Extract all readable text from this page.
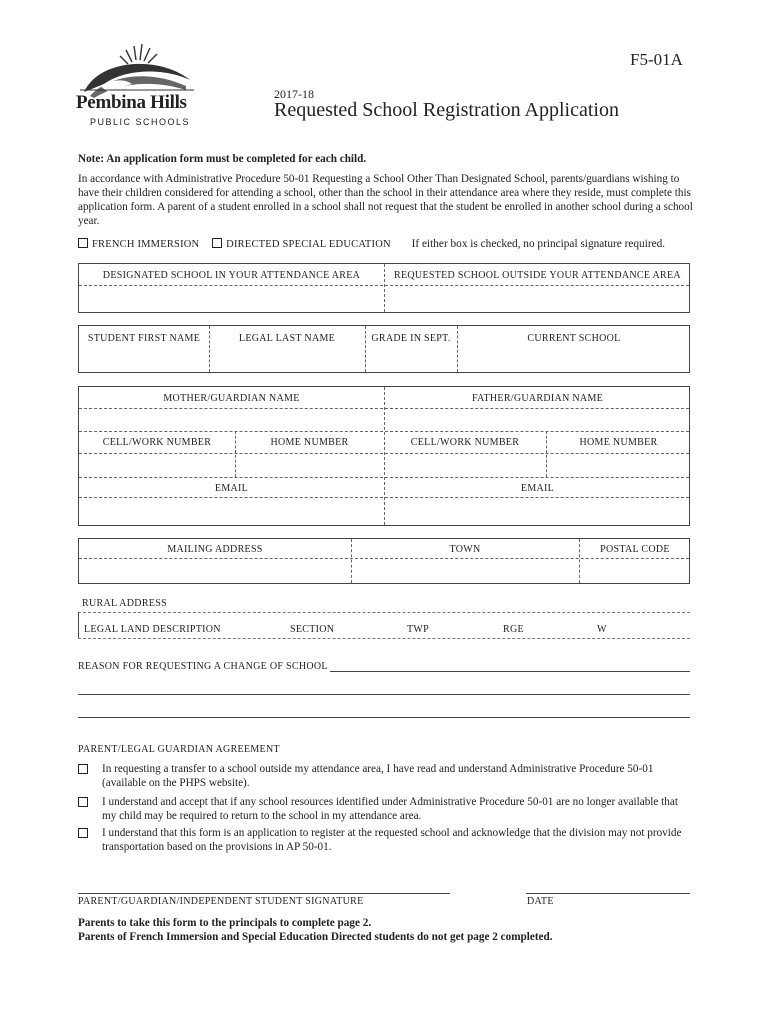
F5-01A
Pembina Hills
PUBLIC SCHOOLS
2017-18
Requested School Registration Application
Note: An application form must be completed for each child.
In accordance with Administrative Procedure 50-01 Requesting a School Other Than Designated School, parents/guardians wishing to have their children considered for attending a school, other than the school in their attendance area where they reside, must complete this application form. A parent of a student enrolled in a school shall not request that the student be enrolled in another school during a school year.
FRENCH IMMERSION	DIRECTED SPECIAL EDUCATION If either box is checked, no principal signature required.
DESIGNATED SCHOOL IN YOUR ATTENDANCE AREA	REQUESTED SCHOOL OUTSIDE YOUR ATTENDANCE AREA
STUDENT FIRST NAME	LEGAL LAST NAME	GRADE IN SEPT.	CURRENT SCHOOL
MOTHER/GUARDIAN NAME	FATHER/GUARDIAN NAME
CELL/WORK NUMBER	HOME NUMBER	CELL/WORK NUMBER	HOME NUMBER
EMAIL	EMAIL
MAILING ADDRESS	TOWN	POSTAL CODE
RURAL ADDRESS
LEGAL LAND DESCRIPTION	SECTION	TWP	RGE	W
REASON FOR REQUESTING A CHANGE OF SCHOOL
PARENT/LEGAL GUARDIAN AGREEMENT
In requesting a transfer to a school outside my attendance area, I have read and understand Administrative Procedure 50-01 (available on the PHPS website).
I understand and accept that if any school resources identified under Administrative Procedure 50-01 are no longer available that my child may be required to return to the school in my attendance area.
I understand that this form is an application to register at the requested school and acknowledge that the division may not provide transportation based on the provisions in AP 50-01.
PARENT/GUARDIAN/INDEPENDENT STUDENT SIGNATURE	DATE
Parents to take this form to the principals to complete page 2.
Parents of French Immersion and Special Education Directed students do not get page 2 completed.
